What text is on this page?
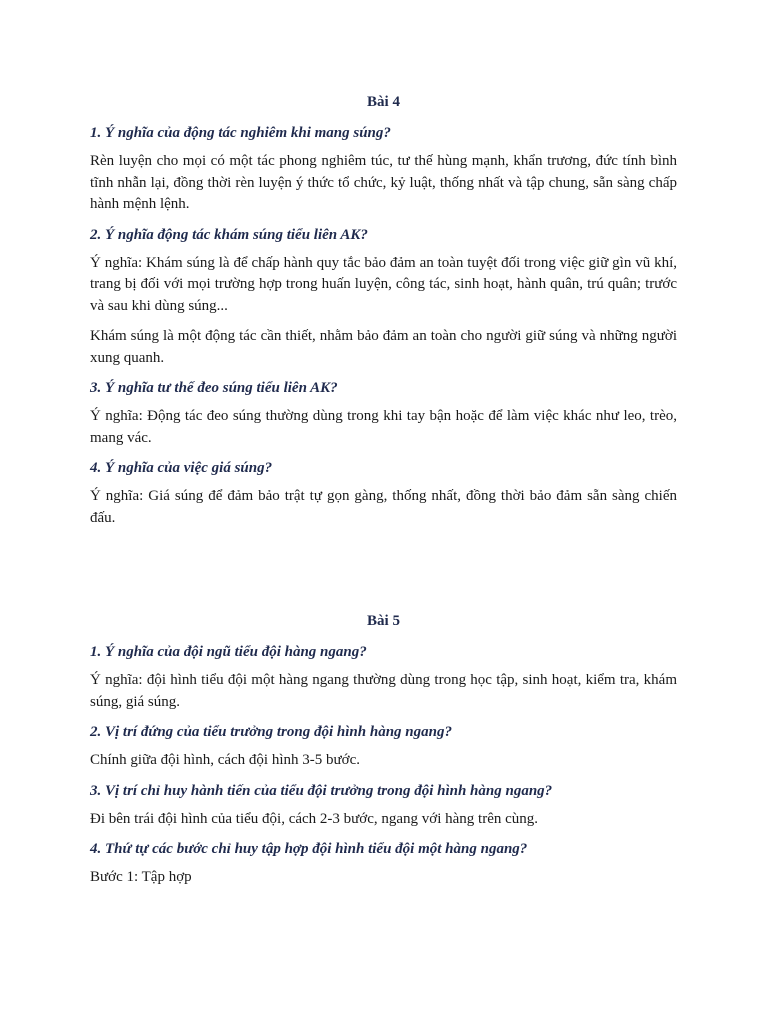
Bài 4
1. Ý nghĩa của động tác nghiêm khi mang súng?
Rèn luyện cho mọi có một tác phong nghiêm túc, tư thế hùng mạnh, khẩn trương, đức tính bình tĩnh nhẫn lại, đồng thời rèn luyện ý thức tổ chức, kỷ luật, thống nhất và tập chung, sẵn sàng chấp hành mệnh lệnh.
2. Ý nghĩa động tác khám súng tiểu liên AK?
Ý nghĩa: Khám súng là để chấp hành quy tắc bảo đảm an toàn tuyệt đối trong việc giữ gìn vũ khí, trang bị đối với mọi trường hợp trong huấn luyện, công tác, sinh hoạt, hành quân, trú quân; trước và sau khi dùng súng...
Khám súng là một động tác cần thiết, nhằm bảo đảm an toàn cho người giữ súng và những người xung quanh.
3. Ý nghĩa tư thế đeo súng tiểu liên AK?
Ý nghĩa: Động tác đeo súng thường dùng trong khi tay bận hoặc để làm việc khác như leo, trèo, mang vác.
4. Ý nghĩa của việc giá súng?
Ý nghĩa: Giá súng để đảm bảo trật tự gọn gàng, thống nhất, đồng thời bảo đảm sẵn sàng chiến đấu.
Bài 5
1. Ý nghĩa của đội ngũ tiểu đội hàng ngang?
Ý nghĩa: đội hình tiểu đội một hàng ngang thường dùng trong học tập, sinh hoạt, kiểm tra, khám súng, giá súng.
2. Vị trí đứng của tiểu trưởng trong đội hình hàng ngang?
Chính giữa đội hình, cách đội hình 3-5 bước.
3. Vị trí chỉ huy hành tiến của tiểu đội trưởng trong đội hình hàng ngang?
Đi bên trái đội hình của tiểu đội, cách 2-3 bước, ngang với hàng trên cùng.
4. Thứ tự các bước chỉ huy tập hợp đội hình tiểu đội một hàng ngang?
Bước 1: Tập hợp
